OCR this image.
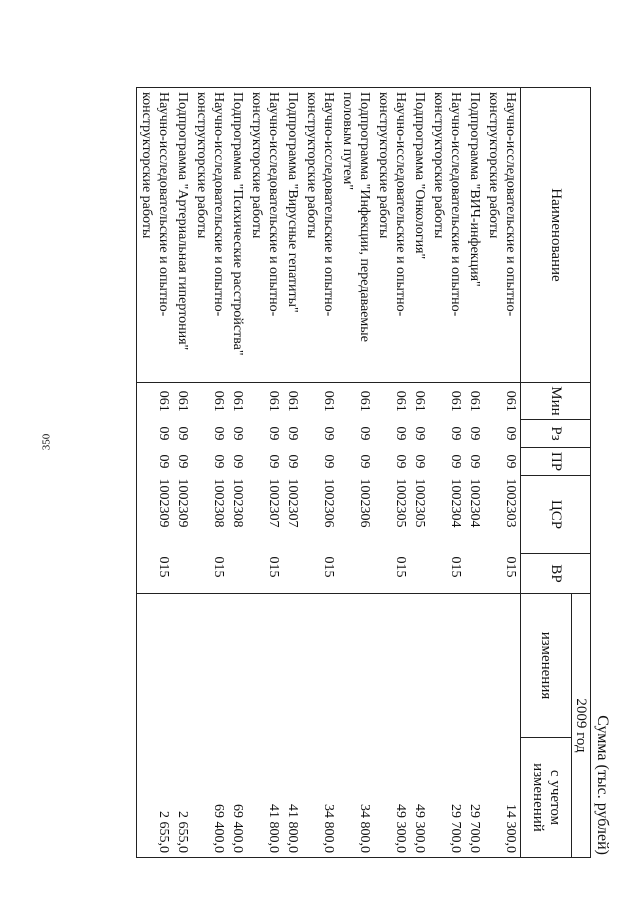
350
Сумма (тыс. рублей)
Наименование	Мин	Рз	ПР	ЦСР	ВР	2009 год	
						изменения	с учетом изменений
Научно-исследовательские и опытно-конструкторские работы	061	09	09	1002303	015		14 300,0
Подпрограмма "ВИЧ-инфекция"	061	09	09	1002304			29 700,0
Научно-исследовательские и опытно-конструкторские работы	061	09	09	1002304	015		29 700,0
Подпрограмма "Онкология"	061	09	09	1002305			49 300,0
Научно-исследовательские и опытно-конструкторские работы	061	09	09	1002305	015		49 300,0
Подпрограмма "Инфекции, передаваемые половым путем"	061	09	09	1002306			34 800,0
Научно-исследовательские и опытно-конструкторские работы	061	09	09	1002306	015		34 800,0
Подпрограмма "Вирусные гепатиты"	061	09	09	1002307			41 800,0
Научно-исследовательские и опытно-конструкторские работы	061	09	09	1002307	015		41 800,0
Подпрограмма "Психические расстройства"	061	09	09	1002308			69 400,0
Научно-исследовательские и опытно-конструкторские работы	061	09	09	1002308	015		69 400,0
Подпрограмма "Артериальная гипертония"	061	09	09	1002309			2 655,0
Научно-исследовательские и опытно-конструкторские работы	061	09	09	1002309	015		2 655,0
